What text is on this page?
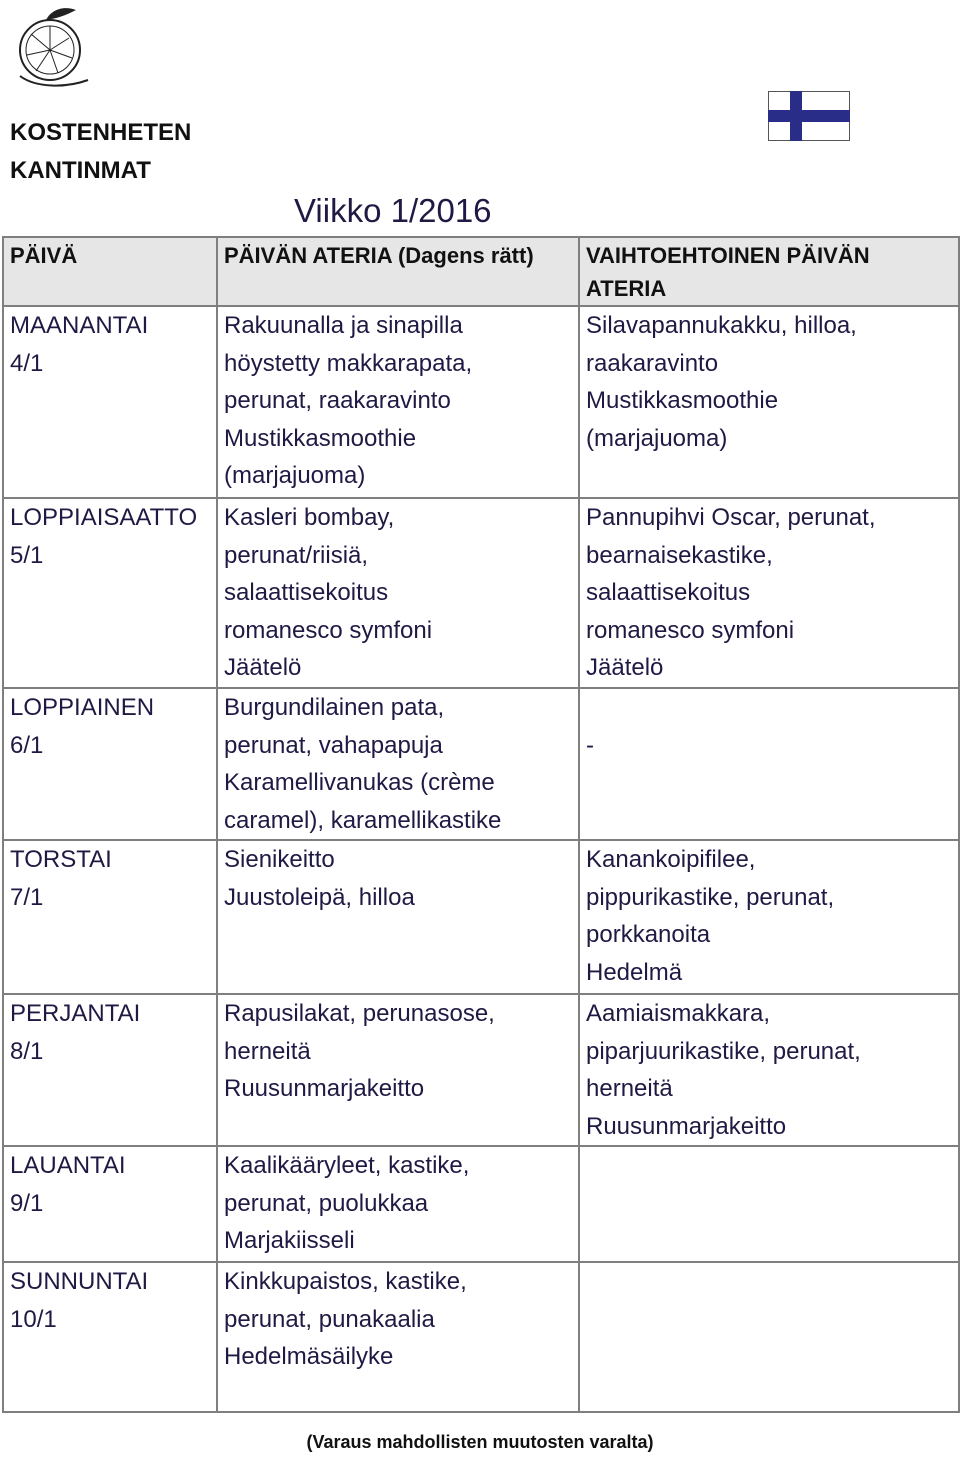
KOSTENHETEN
KANTINMAT
Viikko 1/2016
PÄIVÄ	PÄIVÄN ATERIA (Dagens rätt)	VAIHTOEHTOINEN PÄIVÄN
ATERIA

MAANANTAI
4/1	Rakuunalla ja sinapilla
höystetty makkarapata,
perunat, raakaravinto
Mustikkasmoothie
(marjajuoma)	Silavapannukakku, hilloa,
raakaravinto
Mustikkasmoothie
(marjajuoma)

LOPPIAISAATTO
5/1	Kasleri bombay,
perunat/riisiä,
salaattisekoitus
romanesco symfoni
Jäätelö	Pannupihvi Oscar, perunat,
bearnaisekastike,
salaattisekoitus
romanesco symfoni
Jäätelö

LOPPIAINEN
6/1	Burgundilainen pata,
perunat, vahapapuja
Karamellivanukas (crème
caramel), karamellikastike	-

TORSTAI
7/1	Sienikeitto
Juustoleipä, hilloa	Kanankoipifilee,
pippurikastike, perunat,
porkkanoita
Hedelmä

PERJANTAI
8/1	Rapusilakat, perunasose,
herneitä
Ruusunmarjakeitto	Aamiaismakkara,
piparjuurikastike, perunat,
herneitä
Ruusunmarjakeitto

LAUANTAI
9/1	Kaalikääryleet, kastike,
perunat, puolukkaa
Marjakiisseli	

SUNNUNTAI
10/1	Kinkkupaistos, kastike,
perunat, punakaalia
Hedelmäsäilyke	

(Varaus mahdollisten muutosten varalta)
